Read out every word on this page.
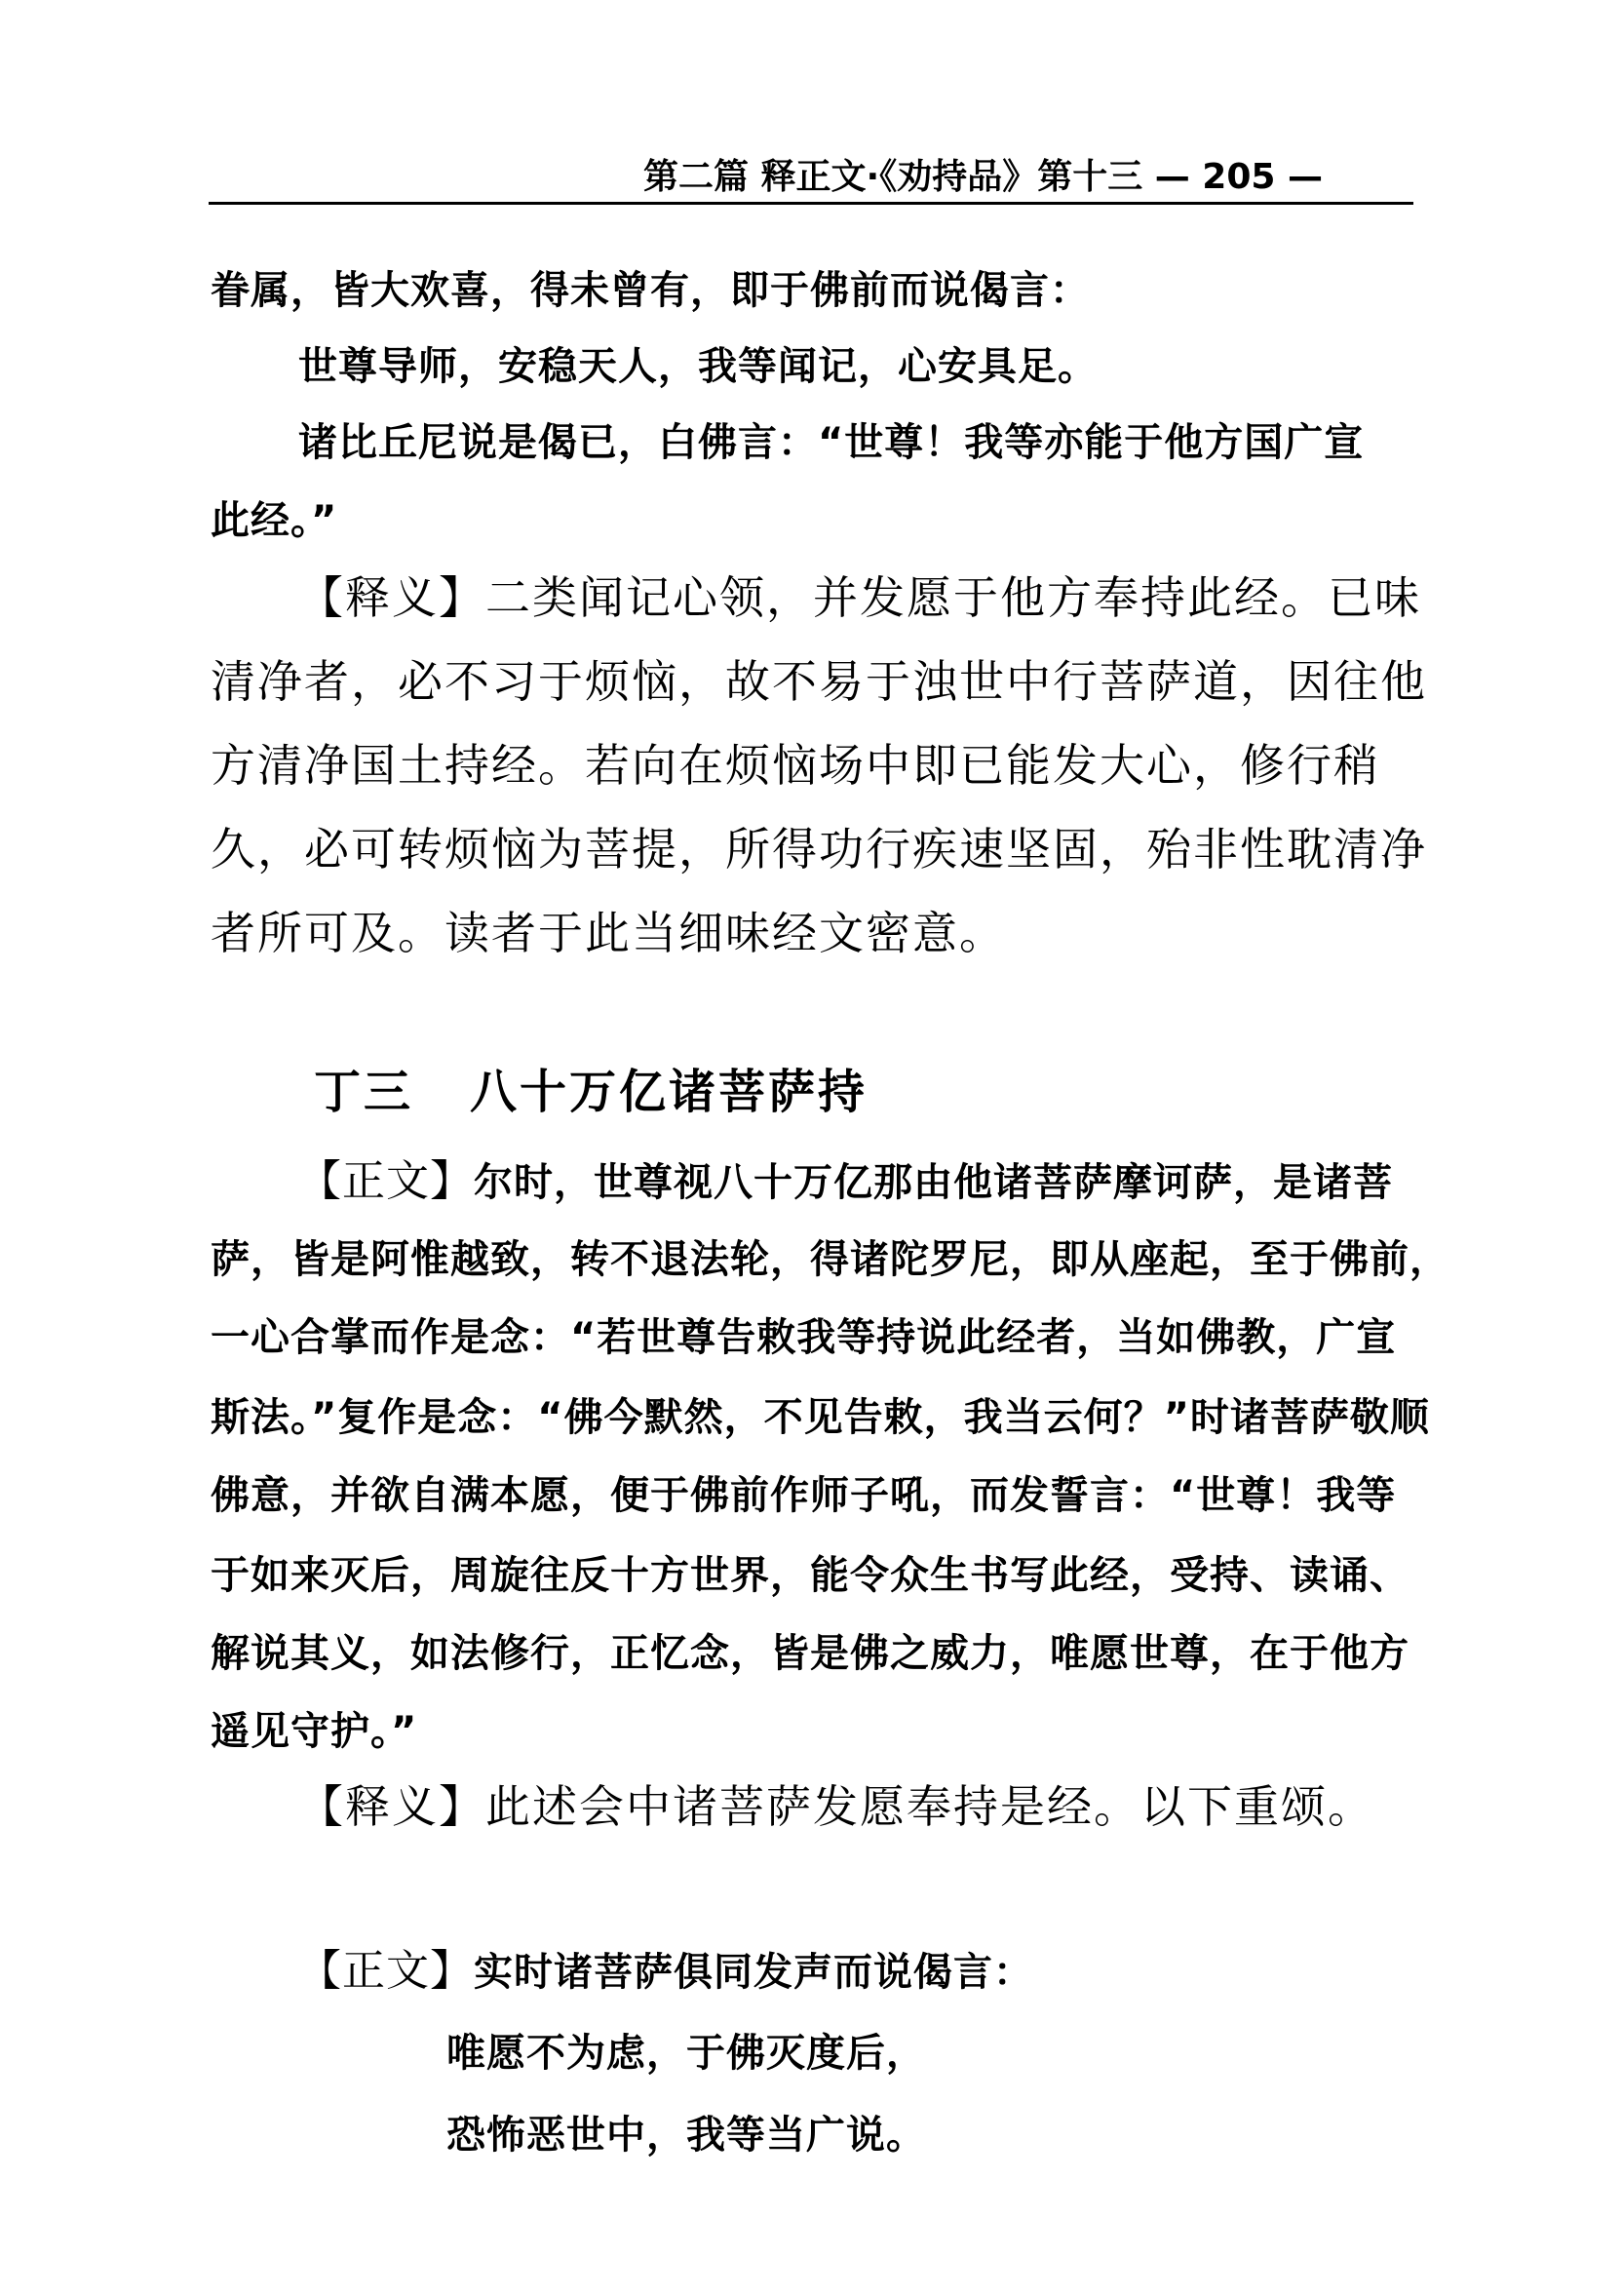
第二篇 释正文·《劝持品》第十三 — 205 —
眷属，皆大欢喜，得未曾有，即于佛前而说偈言：
世尊导师，安稳天人，我等闻记，心安具足。
诸比丘尼说是偈已，白佛言：“世尊！我等亦能于他方国广宣
此经。”
【释义】二类闻记心领，并发愿于他方奉持此经。已味
清净者，必不习于烦恼，故不易于浊世中行菩萨道，因往他
方清净国土持经。若向在烦恼场中即已能发大心，修行稍
久，必可转烦恼为菩提，所得功行疾速坚固，殆非性耽清净
者所可及。读者于此当细味经文密意。
丁三 八十万亿诸菩萨持
【正文】尔时，世尊视八十万亿那由他诸菩萨摩诃萨，是诸菩
萨，皆是阿惟越致，转不退法轮，得诸陀罗尼，即从座起，至于佛前，
一心合掌而作是念：“若世尊告敕我等持说此经者，当如佛教，广宣
斯法。”复作是念：“佛今默然，不见告敕，我当云何？”时诸菩萨敬顺
佛意，并欲自满本愿，便于佛前作师子吼，而发誓言：“世尊！我等
于如来灭后，周旋往反十方世界，能令众生书写此经，受持、读诵、
解说其义，如法修行，正忆念，皆是佛之威力，唯愿世尊，在于他方
遥见守护。”
【释义】此述会中诸菩萨发愿奉持是经。以下重颂。
【正文】实时诸菩萨俱同发声而说偈言：
唯愿不为虑，于佛灭度后，
恐怖恶世中，我等当广说。
